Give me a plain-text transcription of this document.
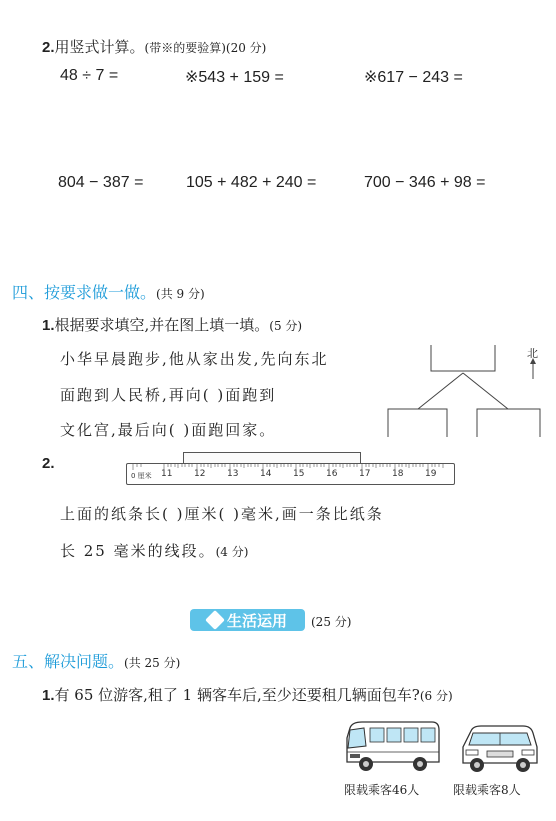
2.用竖式计算。(带※的要验算)(20 分)
48 ÷ 7 =	※543 + 159 =	※617 − 243 =
804 − 387 =	105 + 482 + 240 =	700 − 346 + 98 =
四、按要求做一做。(共 9 分)
1.根据要求填空,并在图上填一填。(5 分)
小华早晨跑步,他从家出发,先向东北
面跑到人民桥,再向( )面跑到
文化宫,最后向( )面跑回家。
北
2.
0 厘米 11 12 13 14 15 16 17 18 19
上面的纸条长( )厘米( )毫米,画一条比纸条
长 25 毫米的线段。(4 分)
生活运用 (25 分)
五、解决问题。(共 25 分)
1.有 65 位游客,租了 1 辆客车后,至少还要租几辆面包车?(6 分)
限载乘客46人	限载乘客8人
